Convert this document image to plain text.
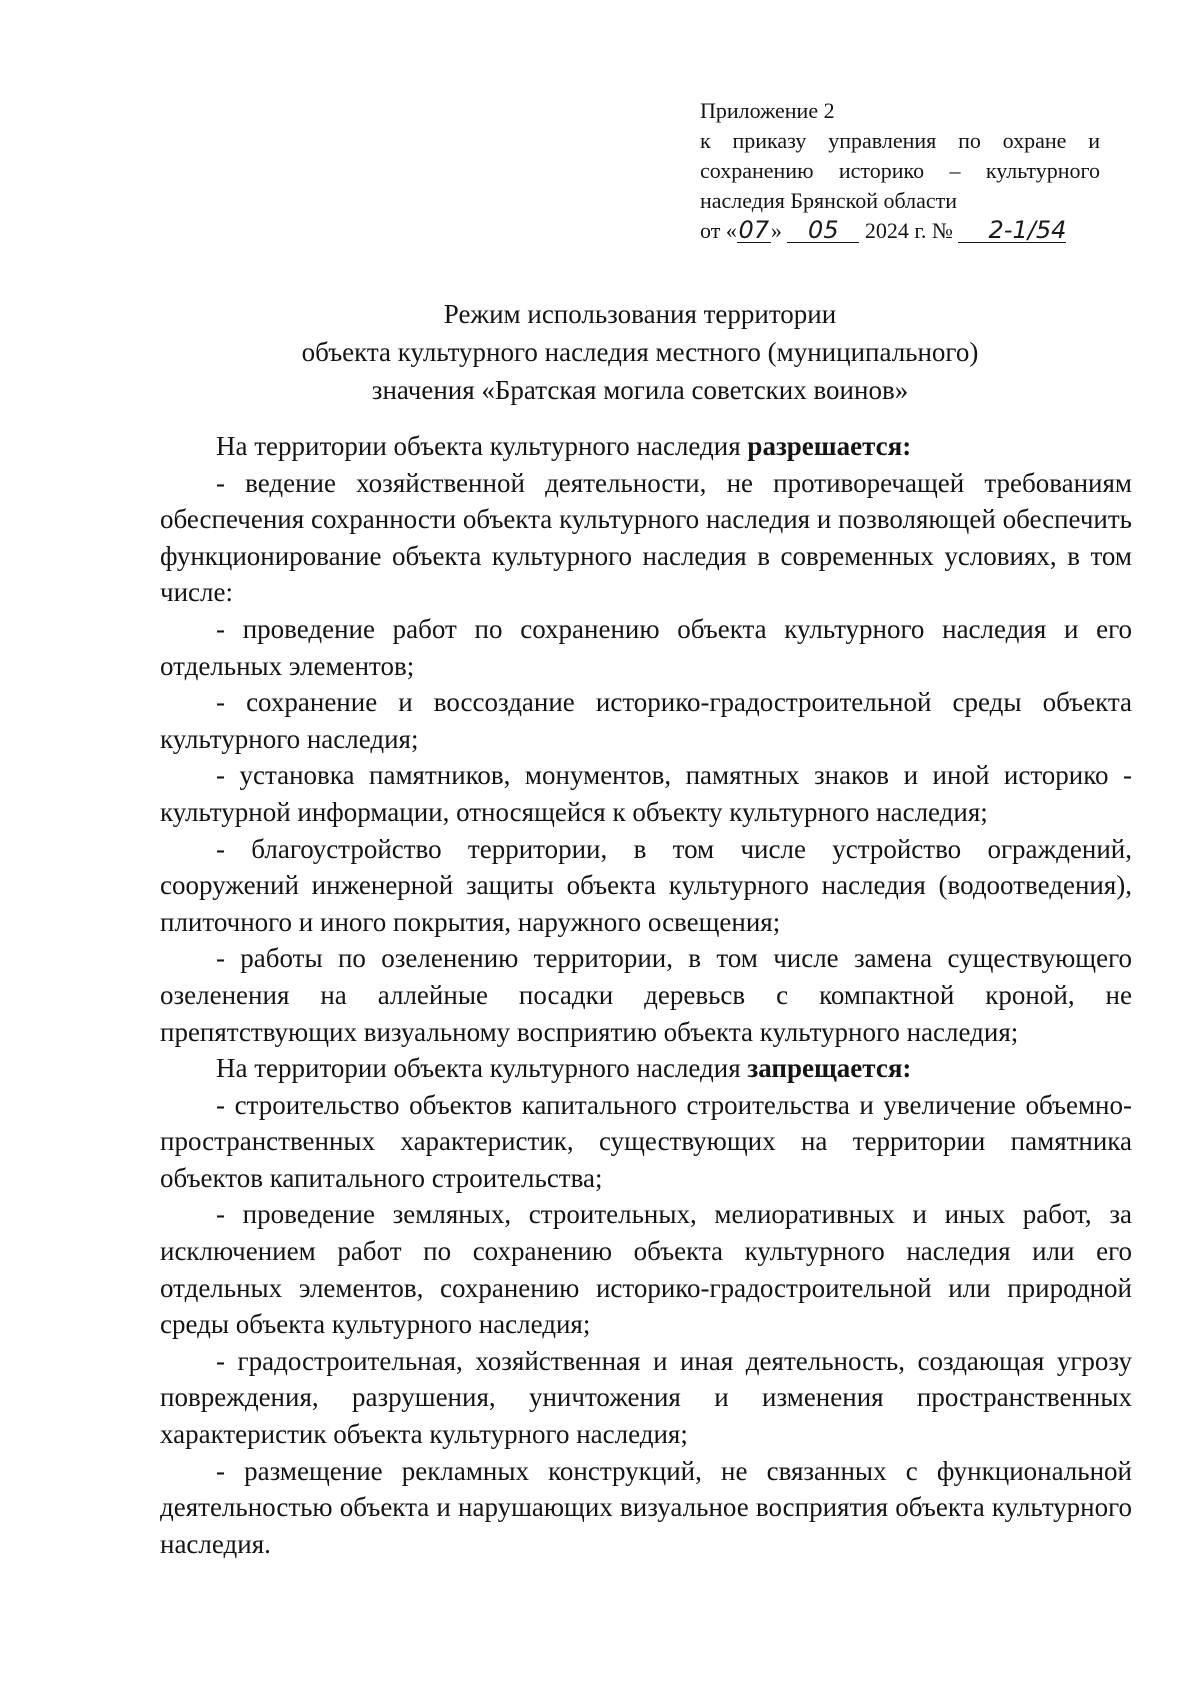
Приложение 2
к приказу управления по охране и
сохранению историко – культурного
наследия Брянской области
от «07» 05 2024 г. № 2-1/54
Режим использования территории
объекта культурного наследия местного (муниципального)
значения «Братская могила советских воинов»

На территории объекта культурного наследия разрешается:

- ведение хозяйственной деятельности, не противоречащей требованиям обеспечения сохранности объекта культурного наследия и позволяющей обеспечить функционирование объекта культурного наследия в современных условиях, в том числе:

- проведение работ по сохранению объекта культурного наследия и его отдельных элементов;

- сохранение и воссоздание историко-градостроительной среды объекта культурного наследия;

- установка памятников, монументов, памятных знаков и иной историко - культурной информации, относящейся к объекту культурного наследия;

- благоустройство территории, в том числе устройство ограждений, сооружений инженерной защиты объекта культурного наследия (водоотведения), плиточного и иного покрытия, наружного освещения;

- работы по озеленению территории, в том числе замена существующего озеленения на аллейные посадки деревьсв с компактной кроной, не препятствующих визуальному восприятию объекта культурного наследия;

На территории объекта культурного наследия запрещается:

- строительство объектов капитального строительства и увеличение объемно-пространственных характеристик, существующих на территории памятника объектов капитального строительства;

- проведение земляных, строительных, мелиоративных и иных работ, за исключением работ по сохранению объекта культурного наследия или его отдельных элементов, сохранению историко-градостроительной или природной среды объекта культурного наследия;

- градостроительная, хозяйственная и иная деятельность, создающая угрозу повреждения, разрушения, уничтожения и изменения пространственных характеристик объекта культурного наследия;

- размещение рекламных конструкций, не связанных с функциональной деятельностью объекта и нарушающих визуальное восприятия объекта культурного наследия.
